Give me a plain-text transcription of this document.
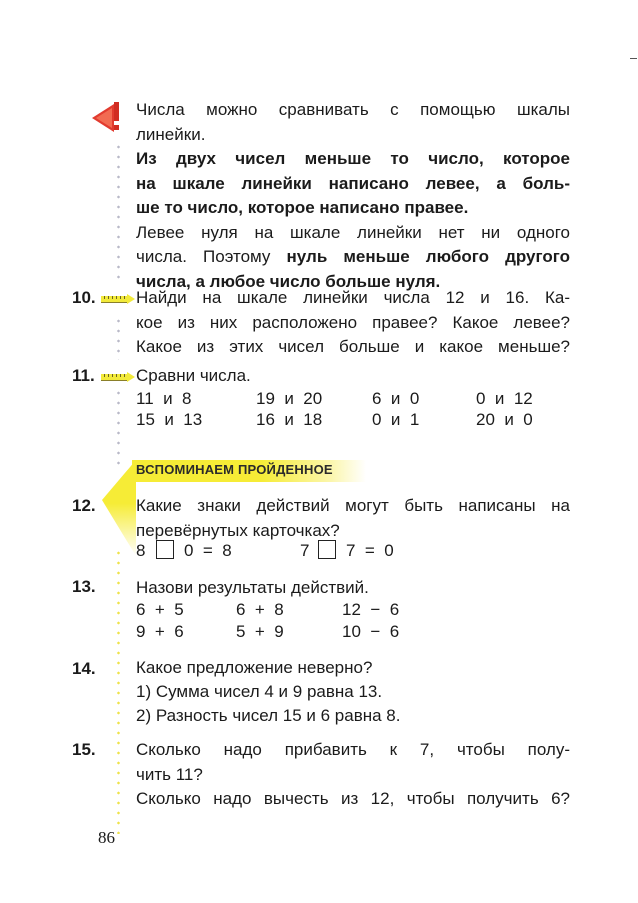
Числа можно сравнивать с помощью шкалы

линейки.

Из двух чисел меньше то число, которое

на шкале линейки написано левее, а боль-

ше то число, которое написано правее.

Левее нуля на шкале линейки нет ни одного

числа. Поэтому нуль меньше любого другого

числа, а любое число больше нуля.

10. Найди на шкале линейки числа 12 и 16. Ка-

кое из них расположено правее? Какое левее?

Какое из этих чисел больше и какое меньше?

11. Сравни числа.
11  и  8	19  и  20	6  и  0	0  и  12
15  и  13	16  и  18	0  и  1	20  и  0
ВСПОМИНАЕМ ПРОЙДЕННОЕ
12. Какие знаки действий могут быть написаны на

перевёрнутых карточках?

8 0  =  8	7 7  =  0
13. Назови результаты действий.
6  +  5	6  +  8	12  −  6
9  +  6	5  +  9	10  −  6
14. Какое предложение неверно?

1) Сумма чисел 4 и 9 равна 13.

2) Разность чисел 15 и 6 равна 8.

15. Сколько надо прибавить к 7, чтобы полу-

чить 11?

Сколько надо вычесть из 12, чтобы получить 6?

86
